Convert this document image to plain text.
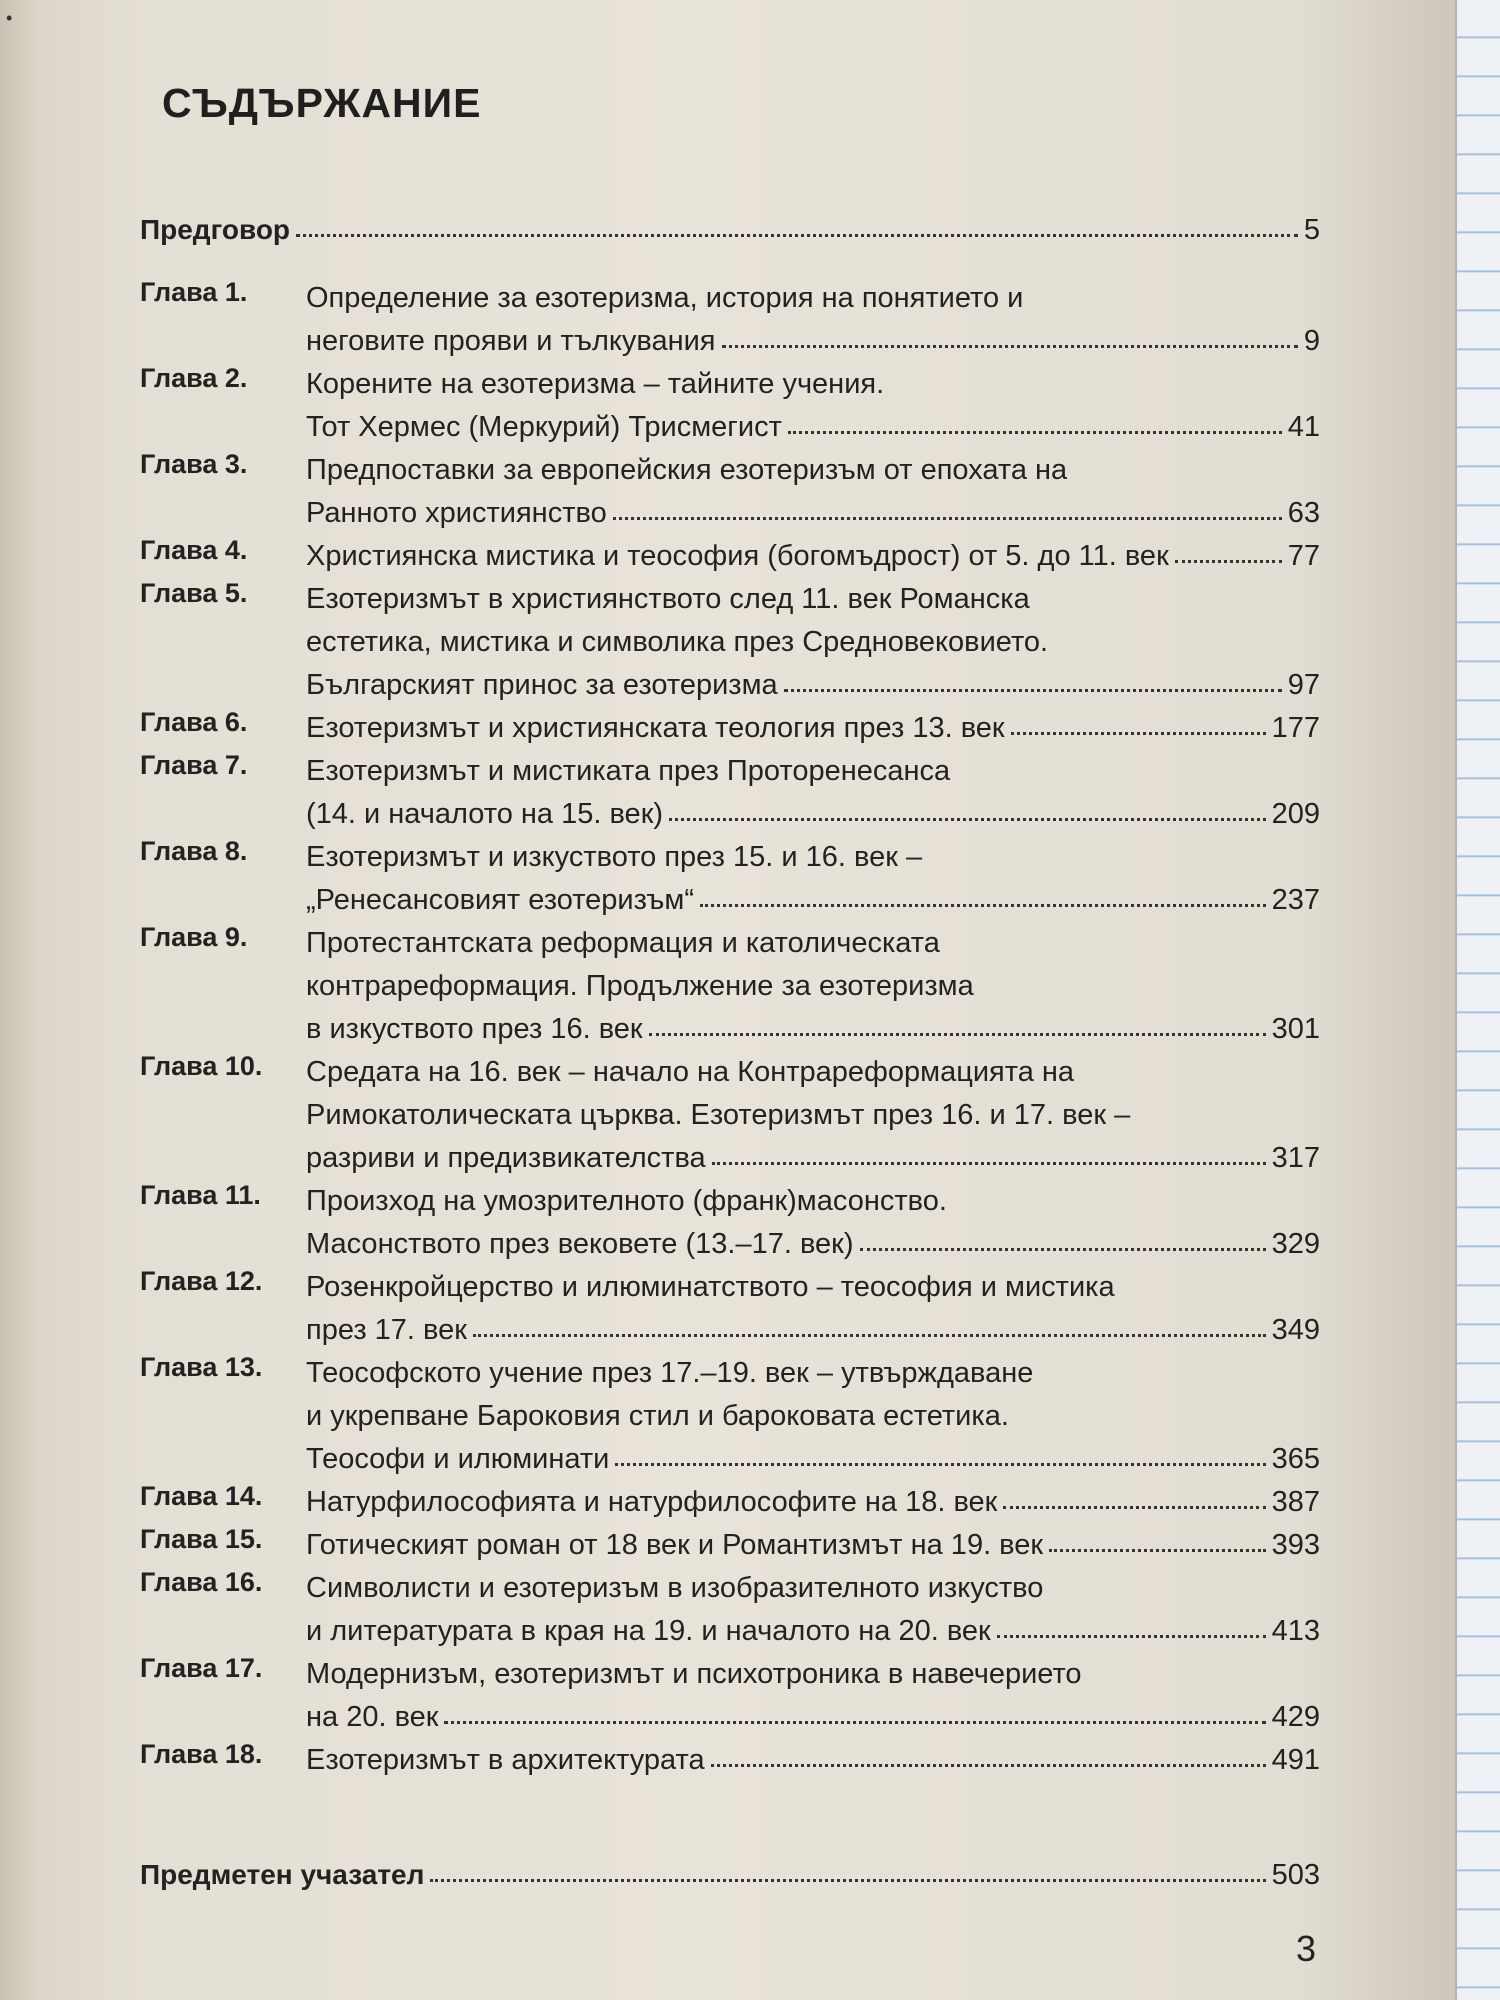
•
СЪДЪРЖАНИЕ
Предговор	5
Глава 1.	Определение за езотеризма, история на понятието и
неговите прояви и тълкувания	9
Глава 2.	Корените на езотеризма – тайните учения.
Тот Хермес (Меркурий) Трисмегист	41
Глава 3.	Предпоставки за европейския езотеризъм от епохата на
Ранното християнство	63
Глава 4.	Християнска мистика и теософия (богомъдрост) от 5. до 11. век	77
Глава 5.	Езотеризмът в християнството след 11. век Романска
естетика, мистика и символика през Средновековието.
Българският принос за езотеризма	97
Глава 6.	Езотеризмът и християнската теология през 13. век	177
Глава 7.	Езотеризмът и мистиката през Проторенесанса
(14. и началото на 15. век)	209
Глава 8.	Езотеризмът и изкуството през 15. и 16. век –
„Ренесансовият езотеризъм“	237
Глава 9.	Протестантската реформация и католическата
контрареформация. Продължение за езотеризма
в изкуството през 16. век	301
Глава 10.	Средата на 16. век – начало на Контрареформацията на
Римокатолическата църква. Езотеризмът през 16. и 17. век –
разриви и предизвикателства	317
Глава 11.	Произход на умозрителното (франк)масонство.
Масонството през вековете (13.–17. век)	329
Глава 12.	Розенкройцерство и илюминатството – теософия и мистика
през 17. век	349
Глава 13.	Теософското учение през 17.–19. век – утвърждаване
и укрепване Бароковия стил и бароковата естетика.
Теософи и илюминати	365
Глава 14.	Натурфилософията и натурфилософите на 18. век	387
Глава 15.	Готическият роман от 18 век и Романтизмът на 19. век	393
Глава 16.	Символисти и езотеризъм в изобразителното изкуство
и литературата в края на 19. и началото на 20. век	413
Глава 17.	Модернизъм, езотеризмът и психотроника в навечерието
на 20. век	429
Глава 18.	Езотеризмът в архитектурата	491
Предметен учазател	503
3
